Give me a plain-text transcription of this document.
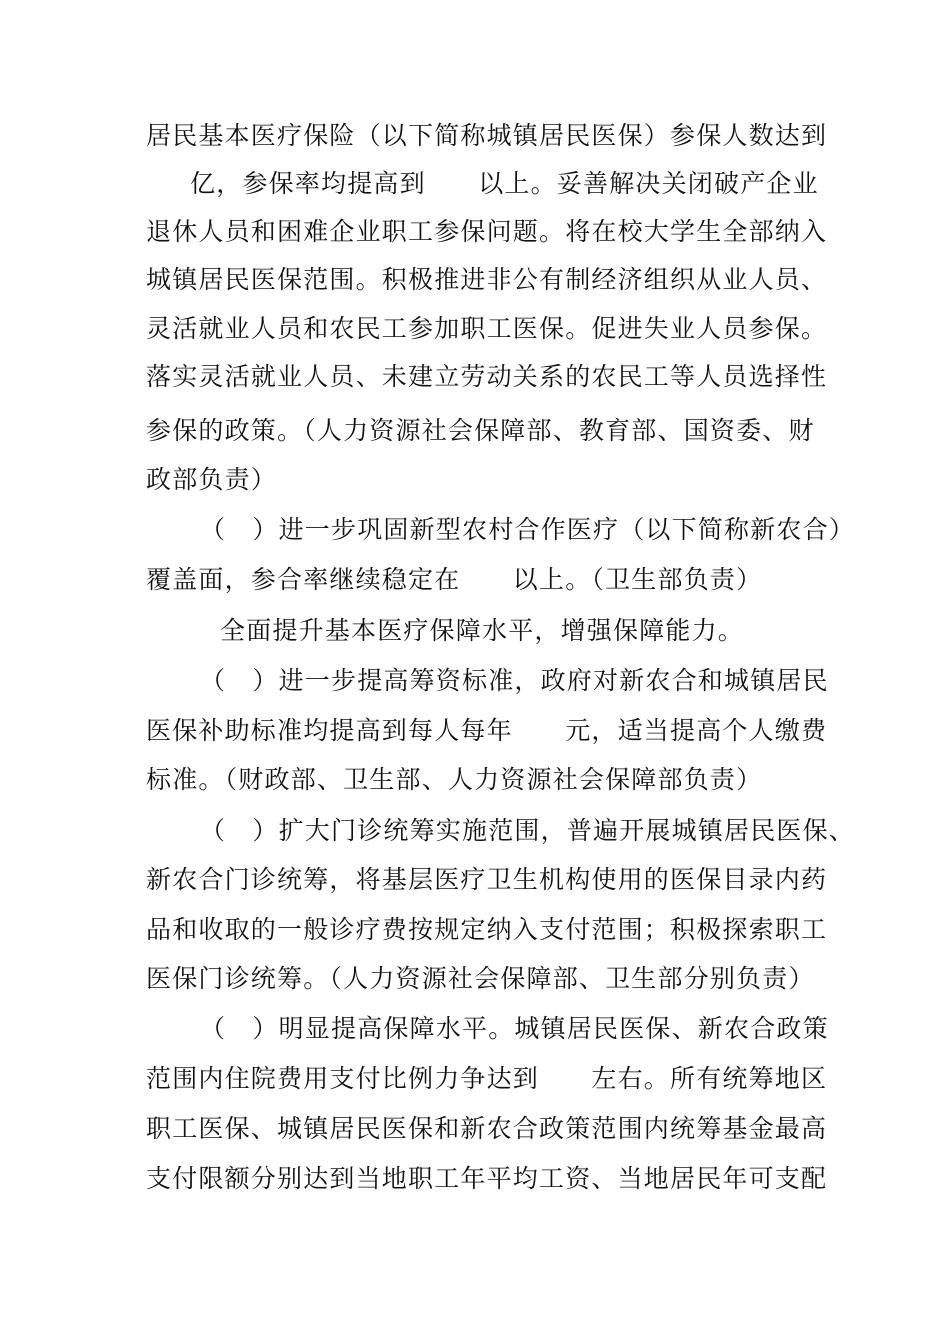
居民基本医疗保险（以下简称城镇居民医保）参保人数达到
亿，参保率均提高到　　以上。妥善解决关闭破产企业
退休人员和困难企业职工参保问题。将在校大学生全部纳入
城镇居民医保范围。积极推进非公有制经济组织从业人员、
灵活就业人员和农民工参加职工医保。促进失业人员参保。
落实灵活就业人员、未建立劳动关系的农民工等人员选择性
参保的政策。（人力资源社会保障部、教育部、国资委、财
政部负责）
（　）进一步巩固新型农村合作医疗（以下简称新农合）
覆盖面，参合率继续稳定在　　以上。（卫生部负责）
全面提升基本医疗保障水平，增强保障能力。
（　）进一步提高筹资标准，政府对新农合和城镇居民
医保补助标准均提高到每人每年　　元，适当提高个人缴费
标准。（财政部、卫生部、人力资源社会保障部负责）
（　）扩大门诊统筹实施范围，普遍开展城镇居民医保、
新农合门诊统筹，将基层医疗卫生机构使用的医保目录内药
品和收取的一般诊疗费按规定纳入支付范围；积极探索职工
医保门诊统筹。（人力资源社会保障部、卫生部分别负责）
（　）明显提高保障水平。城镇居民医保、新农合政策
范围内住院费用支付比例力争达到　　左右。所有统筹地区
职工医保、城镇居民医保和新农合政策范围内统筹基金最高
支付限额分别达到当地职工年平均工资、当地居民年可支配
